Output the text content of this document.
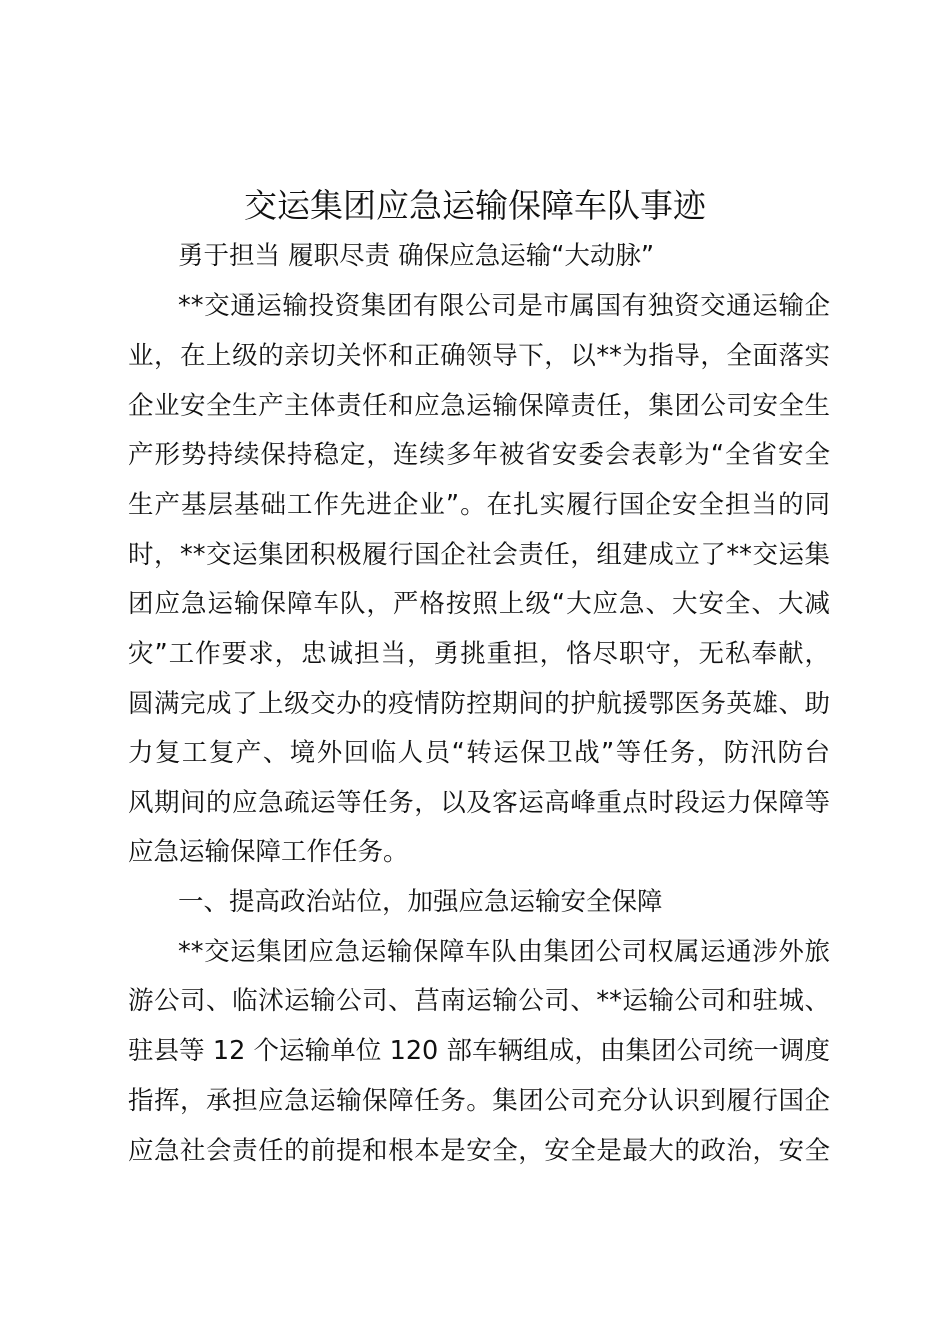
交运集团应急运输保障车队事迹
勇于担当 履职尽责 确保应急运输“大动脉”
**交通运输投资集团有限公司是市属国有独资交通运输企
业，在上级的亲切关怀和正确领导下，以**为指导，全面落实
企业安全生产主体责任和应急运输保障责任，集团公司安全生
产形势持续保持稳定，连续多年被省安委会表彰为“全省安全
生产基层基础工作先进企业”。在扎实履行国企安全担当的同
时，**交运集团积极履行国企社会责任，组建成立了**交运集
团应急运输保障车队，严格按照上级“大应急、大安全、大减
灾”工作要求，忠诚担当，勇挑重担，恪尽职守，无私奉献，
圆满完成了上级交办的疫情防控期间的护航援鄂医务英雄、助
力复工复产、境外回临人员“转运保卫战”等任务，防汛防台
风期间的应急疏运等任务，以及客运高峰重点时段运力保障等
应急运输保障工作任务。
一、提高政治站位，加强应急运输安全保障
**交运集团应急运输保障车队由集团公司权属运通涉外旅
游公司、临沭运输公司、莒南运输公司、**运输公司和驻城、
驻县等 12 个运输单位 120 部车辆组成，由集团公司统一调度
指挥，承担应急运输保障任务。集团公司充分认识到履行国企
应急社会责任的前提和根本是安全，安全是最大的政治，安全
